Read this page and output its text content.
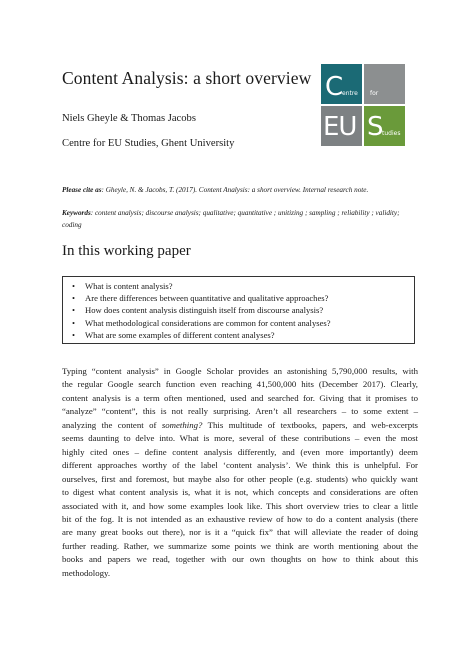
Content Analysis: a short overview
Niels Gheyle & Thomas Jacobs
Centre for EU Studies, Ghent University
C
entre for
EU S
tudies
Please cite as: Gheyle, N. & Jacobs, T. (2017). Content Analysis: a short overview. Internal research note.
Keywords: content analysis; discourse analysis; qualitative; quantitative ; unitizing ; sampling ; reliability ; validity; coding
In this working paper
• What is content analysis?
• Are there differences between quantitative and qualitative approaches?
• How does content analysis distinguish itself from discourse analysis?
• What methodological considerations are common for content analyses?
• What are some examples of different content analyses?
Typing “content analysis” in Google Scholar provides an astonishing 5,790,000 results, with
the regular Google search function even reaching 41,500,000 hits (December 2017). Clearly,
content analysis is a term often mentioned, used and searched for. Giving that it promises to
“analyze” “content”, this is not really surprising. Aren’t all researchers – to some extent –
analyzing the content of something? This multitude of textbooks, papers, and web-excerpts
seems daunting to delve into. What is more, several of these contributions – even the most
highly cited ones – define content analysis differently, and (even more importantly) deem
different approaches worthy of the label ‘content analysis’. We think this is unhelpful. For
ourselves, first and foremost, but maybe also for other people (e.g. students) who quickly want
to digest what content analysis is, what it is not, which concepts and considerations are often
associated with it, and how some examples look like. This short overview tries to clear a little
bit of the fog. It is not intended as an exhaustive review of how to do a content analysis (there
are many great books out there), nor is it a “quick fix” that will alleviate the reader of doing
further reading. Rather, we summarize some points we think are worth mentioning about the
books and papers we read, together with our own thoughts on how to think about this
methodology.
